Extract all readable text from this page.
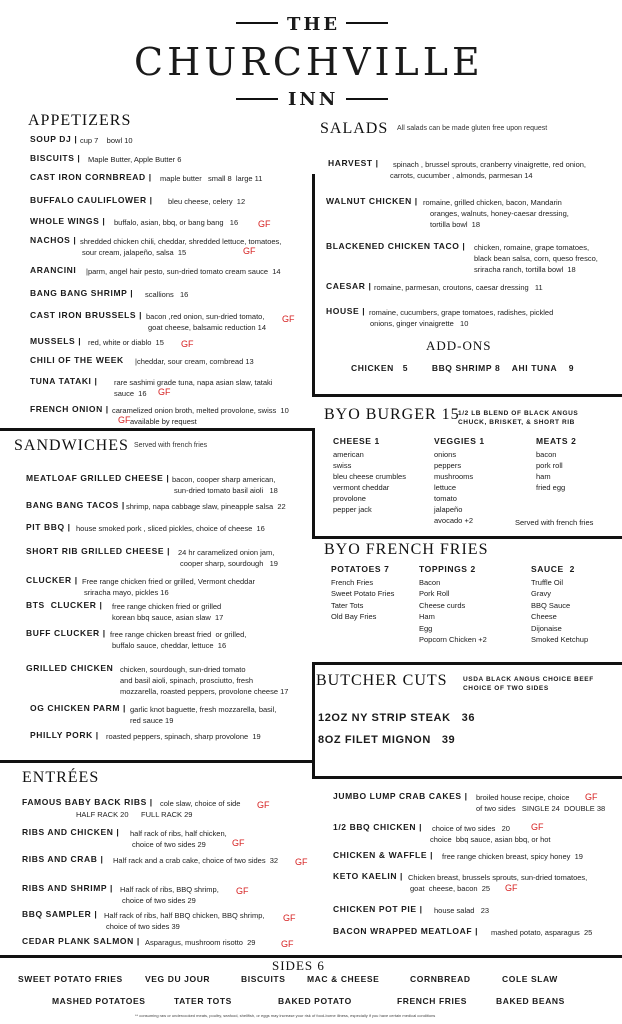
THE
CHURCHVILLE
INN
APPETIZERS
SOUP DJ | cup 7    bowl 10
BISCUITS | Maple Butter, Apple Butter 6
CAST IRON CORNBREAD | maple butter   small 8  large 11
BUFFALO CAULIFLOWER | bleu cheese, celery  12
WHOLE WINGS | buffalo, asian, bbq, or bang bang   16 GF
NACHOS | shredded chicken chili, cheddar, shredded lettuce, tomatoes,
sour cream, jalapeño, salsa  15	GF
ARANCINI |parm, angel hair pesto, sun-dried tomato cream sauce  14
BANG BANG SHRIMP | scallions   16
CAST IRON BRUSSELS | bacon ,red onion, sun-dried tomato,
goat cheese, balsamic reduction 14
GF
MUSSELS | red, white or diablo  15 GF
CHILI OF THE WEEK |cheddar, sour cream, cornbread 13
TUNA TATAKI | rare sashimi grade tuna, napa asian slaw, tataki
sauce  16 GF
FRENCH ONION | caramelized onion broth, melted provolone, swiss  10
available by request
GF
SALADS All salads can be made gluten free upon request
HARVEST | spinach , brussel sprouts, cranberry vinaigrette, red onion,
carrots, cucumber , almonds, parmesan 14
WALNUT CHICKEN | romaine, grilled chicken, bacon, Mandarin
oranges, walnuts, honey-caesar dressing,
tortilla bowl  18
BLACKENED CHICKEN TACO | chicken, romaine, grape tomatoes,
black bean salsa, corn, queso fresco,
sriracha ranch, tortilla bowl  18
CAESAR | romaine, parmesan, croutons, caesar dressing   11
HOUSE | romaine, cucumbers, grape tomatoes, radishes, pickled
onions, ginger vinaigrette   10
ADD-ONS
CHICKEN   5        BBQ SHRIMP 8    AHI TUNA    9
BYO BURGER 15
1/2 LB BLEND OF BLACK ANGUS
CHUCK, BRISKET, & SHORT RIB
CHEESE 1
american
swiss
bleu cheese crumbles
vermont cheddar
provolone
pepper jack
VEGGIES 1
onions
peppers
mushrooms
lettuce
tomato
jalapeño
avocado +2
MEATS 2
bacon
pork roll
ham
fried egg
Served with french fries
BYO FRENCH FRIES
POTATOES 7
French Fries
Sweet Potato Fries
Tater Tots
Old Bay Fries
TOPPINGS 2
Bacon
Pork Roll
Cheese curds
Ham
Egg
Popcorn Chicken +2
SAUCE  2
Truffle Oil
Gravy
BBQ Sauce
Cheese
Dijonaise
Smoked Ketchup
BUTCHER CUTS USDA BLACK ANGUS CHOICE BEEF
CHOICE OF TWO SIDES
12OZ NY STRIP STEAK   36
8OZ FILET MIGNON   39
SANDWICHES Served with french fries
MEATLOAF GRILLED CHEESE | bacon, cooper sharp american,
sun-dried tomato basil aioli   18
BANG BANG TACOS | shrimp, napa cabbage slaw, pineapple salsa  22
PIT BBQ | house smoked pork , sliced pickles, choice of cheese  16
SHORT RIB GRILLED CHEESE | 24 hr caramelized onion jam,
cooper sharp, sourdough   19
CLUCKER | Free range chicken fried or grilled, Vermont cheddar
sriracha mayo, pickles 16
BTS  CLUCKER | free range chicken fried or grilled
korean bbq sauce, asian slaw  17
BUFF CLUCKER | free range chicken breast fried  or grilled,
buffalo sauce, cheddar, lettuce  16
GRILLED CHICKEN chicken, sourdough, sun-dried tomato
and basil aioli, spinach, prosciutto, fresh
mozzarella, roasted peppers, provolone cheese 17
OG CHICKEN PARM | garlic knot baguette, fresh mozzarella, basil,
red sauce 19
PHILLY PORK | roasted peppers, spinach, sharp provolone  19
ENTRÉES
FAMOUS BABY BACK RIBS | cole slaw, choice of side
HALF RACK 20      FULL RACK 29
GF
RIBS AND CHICKEN | half rack of ribs, half chicken,
choice of two sides 29	GF
RIBS AND CRAB | Half rack and a crab cake, choice of two sides  32 GF
RIBS AND SHRIMP | Half rack of ribs, BBQ shrimp,
choice of two sides 29
GF
BBQ SAMPLER | Half rack of ribs, half BBQ chicken, BBQ shrimp,
choice of two sides 39
GF
CEDAR PLANK SALMON | Asparagus, mushroom risotto  29	GF
JUMBO LUMP CRAB CAKES | broiled house recipe, choice
of two sides   SINGLE 24  DOUBLE 38
GF
1/2 BBQ CHICKEN | choice of two sides   20
choice  bbq sauce, asian bbq, or hot
GF
CHICKEN & WAFFLE | free range chicken breast, spicy honey  19
KETO KAELIN | Chicken breast, brussels sprouts, sun-dried tomatoes,
goat  cheese, bacon  25 GF
CHICKEN POT PIE | house salad   23
BACON WRAPPED MEATLOAF | mashed potato, asparagus  25
SIDES 6
SWEET POTATO FRIES	VEG DU JOUR	BISCUITS	MAC & CHEESE	CORNBREAD	COLE SLAW
MASHED POTATOES	TATER TOTS	BAKED POTATO	FRENCH FRIES	BAKED BEANS
** consuming raw or undercooked meats, poultry, seafood, shellfish, or eggs may increase your risk of food-borne illness, especially if you have certain medical conditions
